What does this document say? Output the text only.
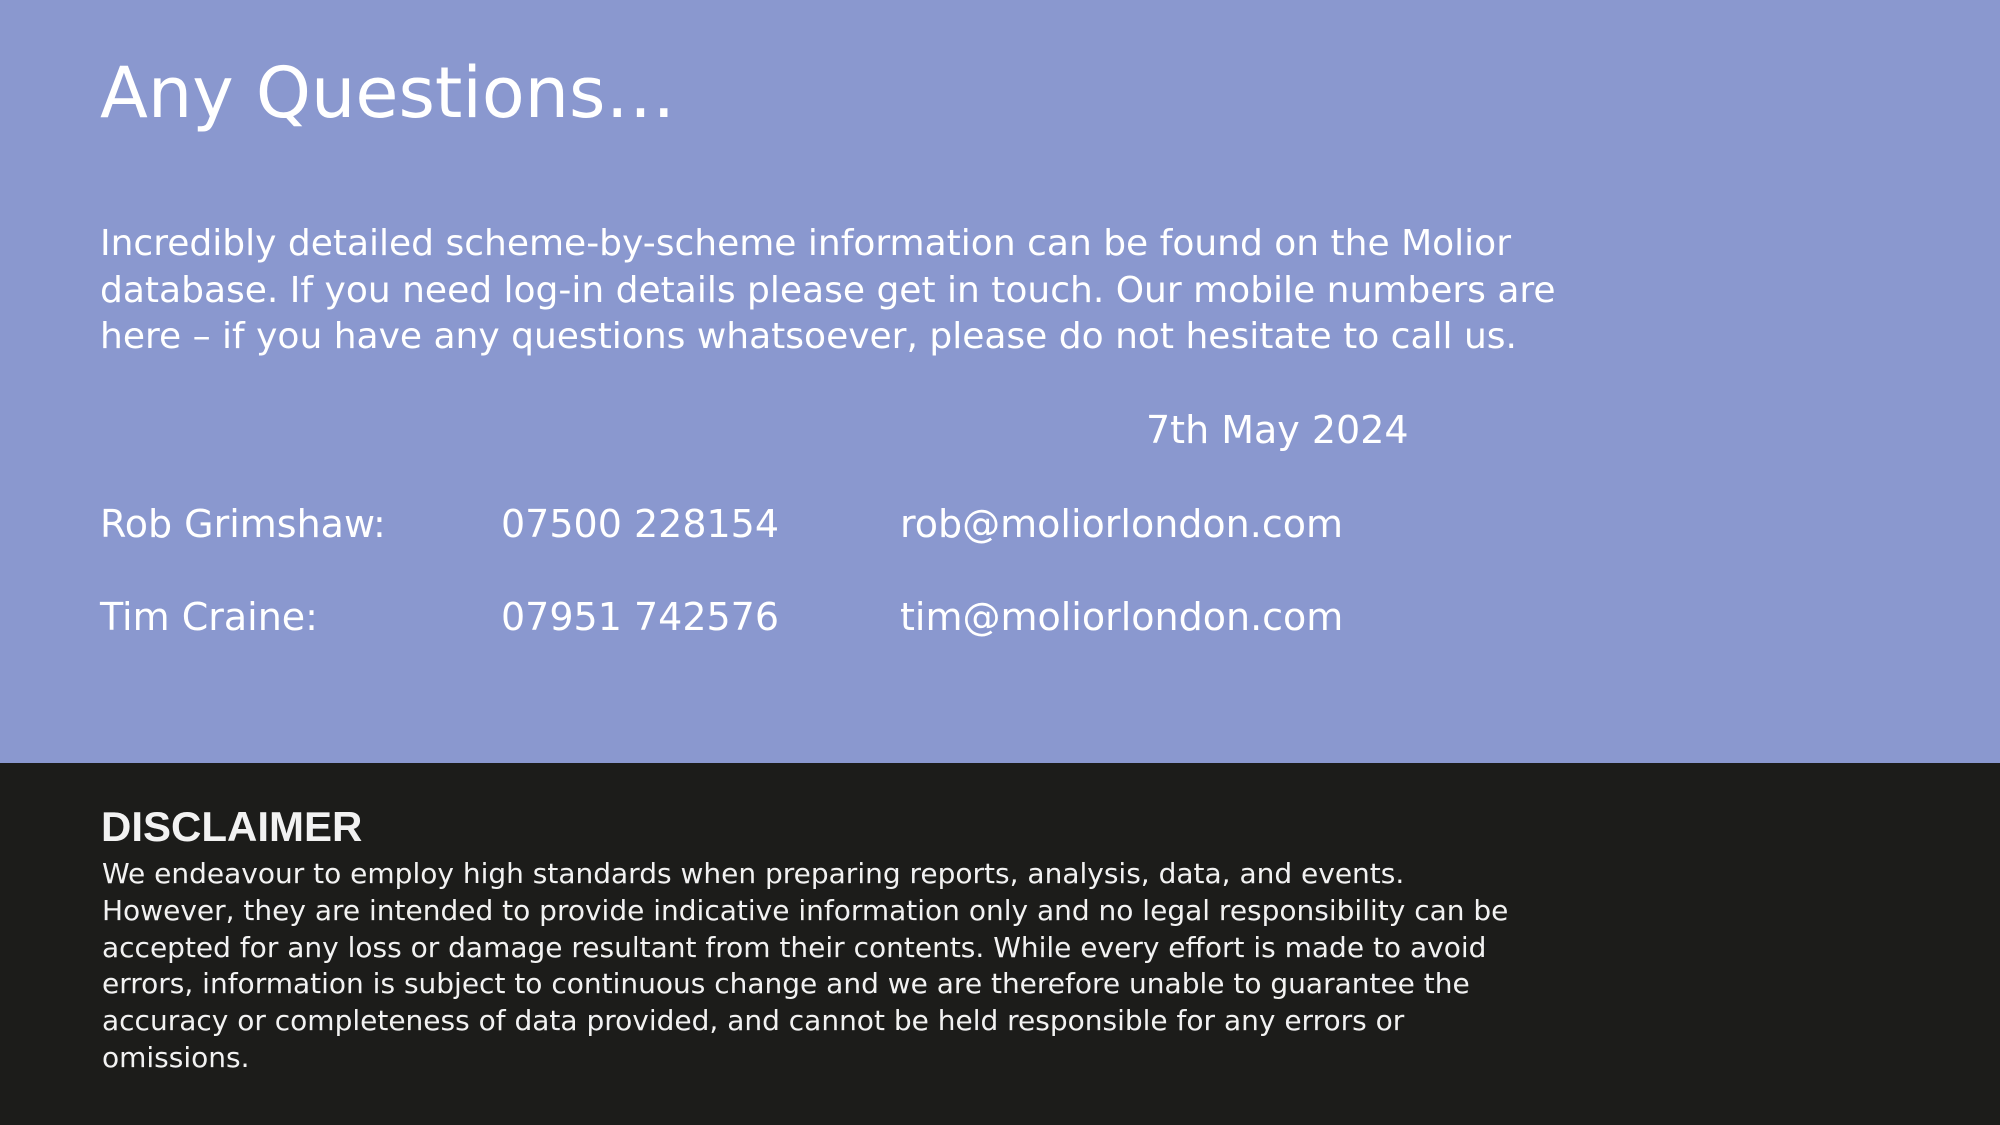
Any Questions…

Incredibly detailed scheme-by-scheme information can be found on the Molior database. If you need log-in details please get in touch. Our mobile numbers are here – if you have any questions whatsoever, please do not hesitate to call us.

7th May 2024
Rob Grimshaw:	07500 228154	rob@moliorlondon.com
Tim Craine:	07951 742576	tim@moliorlondon.com
DISCLAIMER

We endeavour to employ high standards when preparing reports, analysis, data, and events. However, they are intended to provide indicative information only and no legal responsibility can be accepted for any loss or damage resultant from their contents. While every effort is made to avoid errors, information is subject to continuous change and we are therefore unable to guarantee the accuracy or completeness of data provided, and cannot be held responsible for any errors or omissions.
